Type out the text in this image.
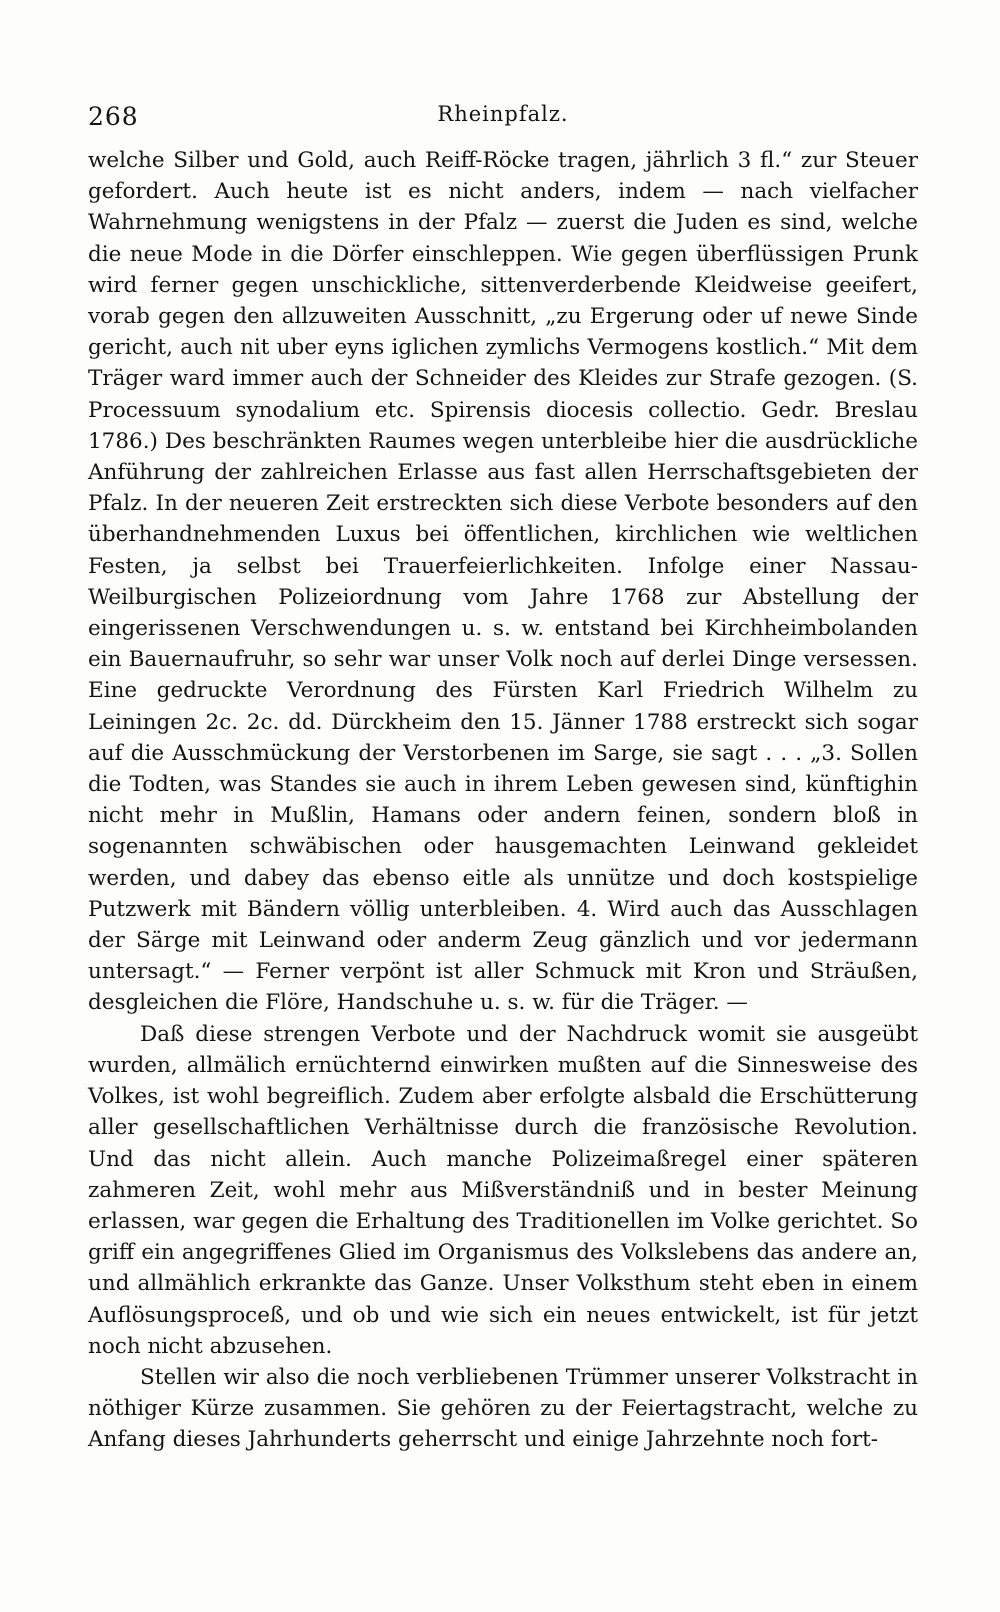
268	Rheinpfalz.

welche Silber und Gold, auch Reiff-Röcke tragen, jährlich 3 fl.“ zur Steuer gefordert. Auch heute ist es nicht anders, indem — nach vielfacher Wahrnehmung wenigstens in der Pfalz — zuerst die Juden es sind, welche die neue Mode in die Dörfer einschleppen. Wie gegen überflüssigen Prunk wird ferner gegen unschickliche, sittenverderbende Kleidweise geeifert, vorab gegen den allzuweiten Ausschnitt, „zu Ergerung oder uf newe Sinde gericht, auch nit uber eyns iglichen zymlichs Vermogens kostlich.“ Mit dem Träger ward immer auch der Schneider des Kleides zur Strafe gezogen. (S. Processuum synodalium etc. Spirensis diocesis collectio. Gedr. Breslau 1786.) Des beschränkten Raumes wegen unterbleibe hier die ausdrückliche Anführung der zahlreichen Erlasse aus fast allen Herrschaftsgebieten der Pfalz. In der neueren Zeit erstreckten sich diese Verbote besonders auf den überhandnehmenden Luxus bei öffentlichen, kirchlichen wie weltlichen Festen, ja selbst bei Trauerfeierlichkeiten. Infolge einer Nassau-Weilburgischen Polizeiordnung vom Jahre 1768 zur Abstellung der eingerissenen Verschwendungen u. s. w. entstand bei Kirchheimbolanden ein Bauernaufruhr, so sehr war unser Volk noch auf derlei Dinge versessen. Eine gedruckte Verordnung des Fürsten Karl Friedrich Wilhelm zu Leiningen 2c. 2c. dd. Dürckheim den 15. Jänner 1788 erstreckt sich sogar auf die Ausschmückung der Verstorbenen im Sarge, sie sagt . . . „3. Sollen die Todten, was Standes sie auch in ihrem Leben gewesen sind, künftighin nicht mehr in Mußlin, Hamans oder andern feinen, sondern bloß in sogenannten schwäbischen oder hausgemachten Leinwand gekleidet werden, und dabey das ebenso eitle als unnütze und doch kostspielige Putzwerk mit Bändern völlig unterbleiben. 4. Wird auch das Ausschlagen der Särge mit Leinwand oder anderm Zeug gänzlich und vor jedermann untersagt.“ — Ferner verpönt ist aller Schmuck mit Kron und Sträußen, desgleichen die Flöre, Handschuhe u. s. w. für die Träger. —

Daß diese strengen Verbote und der Nachdruck womit sie ausgeübt wurden, allmälich ernüchternd einwirken mußten auf die Sinnesweise des Volkes, ist wohl begreiflich. Zudem aber erfolgte alsbald die Erschütterung aller gesellschaftlichen Verhältnisse durch die französische Revolution. Und das nicht allein. Auch manche Polizeimaßregel einer späteren zahmeren Zeit, wohl mehr aus Mißverständniß und in bester Meinung erlassen, war gegen die Erhaltung des Traditionellen im Volke gerichtet. So griff ein angegriffenes Glied im Organismus des Volkslebens das andere an, und allmählich erkrankte das Ganze. Unser Volksthum steht eben in einem Auflösungsproceß, und ob und wie sich ein neues entwickelt, ist für jetzt noch nicht abzusehen.

Stellen wir also die noch verbliebenen Trümmer unserer Volkstracht in nöthiger Kürze zusammen. Sie gehören zu der Feiertagstracht, welche zu Anfang dieses Jahrhunderts geherrscht und einige Jahrzehnte noch fort-
